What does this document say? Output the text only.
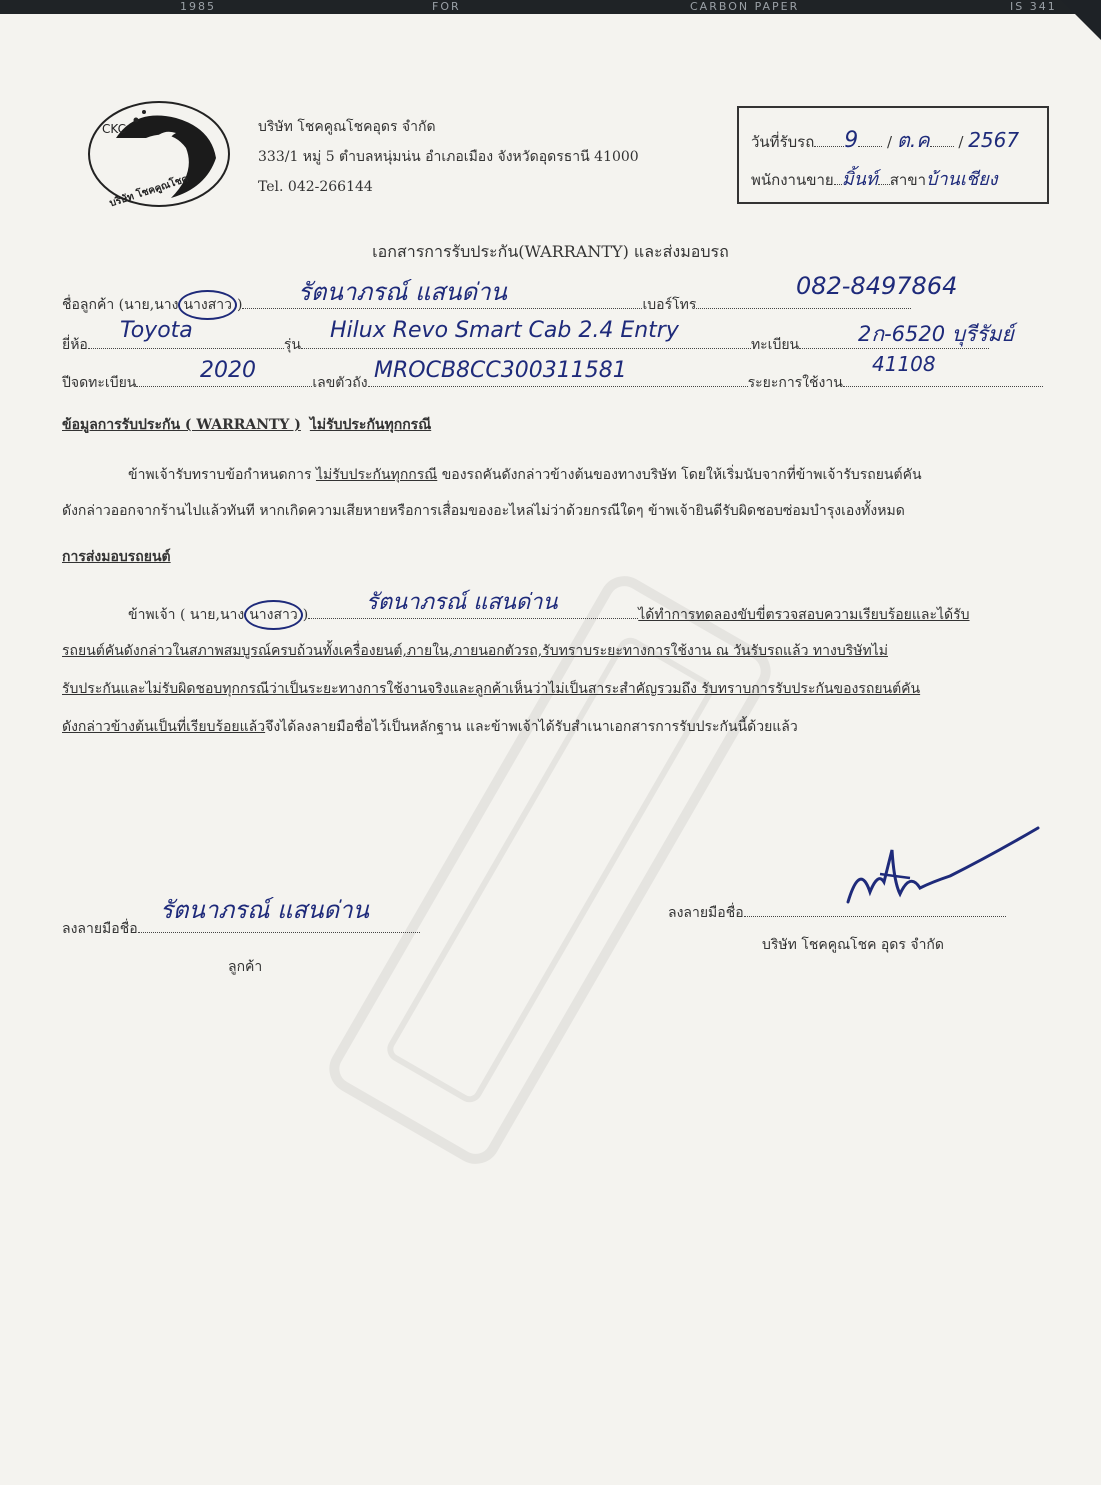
1985	FOR	CARBON PAPER	IS 341
CKC
บริษัท โชคคูณโชค
บริษัท โชคคูณโชคอุดร จำกัด
333/1 หมู่ 5 ตำบลหนุ่มน่น อำเภอเมือง จังหวัดอุดรธานี 41000
Tel. 042-266144
วันที่รับรถ 9 / ต.ค / 2567
พนักงานขาย มิ้นท์ สาขาบ้านเชียง
เอกสารการรับประกัน(WARRANTY) และส่งมอบรถ
ชื่อลูกค้า (นาย,นาง นางสาว )	เบอร์โทร
รัตนาภรณ์ แสนด่าน	082-8497864
ยี่ห้อ	รุ่น	ทะเบียน
Toyota	Hilux Revo Smart Cab 2.4 Entry	2ก-6520 บุรีรัมย์
ปีจดทะเบียน	เลขตัวถัง	ระยะการใช้งาน
2020	MROCB8CC300311581	41108
ข้อมูลการรับประกัน ( WARRANTY ) ไม่รับประกันทุกกรณี
ข้าพเจ้ารับทราบข้อกำหนดการ ไม่รับประกันทุกกรณี ของรถคันดังกล่าวข้างต้นของทางบริษัท โดยให้เริ่มนับจากที่ข้าพเจ้ารับรถยนต์คัน
ดังกล่าวออกจากร้านไปแล้วทันที หากเกิดความเสียหายหรือการเสื่อมของอะไหล่ไม่ว่าด้วยกรณีใดๆ ข้าพเจ้ายินดีรับผิดชอบซ่อมบำรุงเองทั้งหมด
การส่งมอบรถยนต์
ข้าพเจ้า ( นาย,นาง นางสาว )	ได้ทำการทดลองขับขี่ตรวจสอบความเรียบร้อยและได้รับ
รัตนาภรณ์ แสนด่าน
รถยนต์คันดังกล่าวในสภาพสมบูรณ์ครบถ้วนทั้งเครื่องยนต์,ภายใน,ภายนอกตัวรถ,รับทราบระยะทางการใช้งาน ณ วันรับรถแล้ว ทางบริษัทไม่
รับประกันและไม่รับผิดชอบทุกกรณีว่าเป็นระยะทางการใช้งานจริงและลูกค้าเห็นว่าไม่เป็นสาระสำคัญรวมถึง รับทราบการรับประกันของรถยนต์คัน
ดังกล่าวข้างต้นเป็นที่เรียบร้อยแล้วจึงได้ลงลายมือชื่อไว้เป็นหลักฐาน และข้าพเจ้าได้รับสำเนาเอกสารการรับประกันนี้ด้วยแล้ว
ลงลายมือชื่อ
รัตนาภรณ์ แสนด่าน
ลูกค้า
ลงลายมือชื่อ
บริษัท โชคคูณโชค อุดร จำกัด
